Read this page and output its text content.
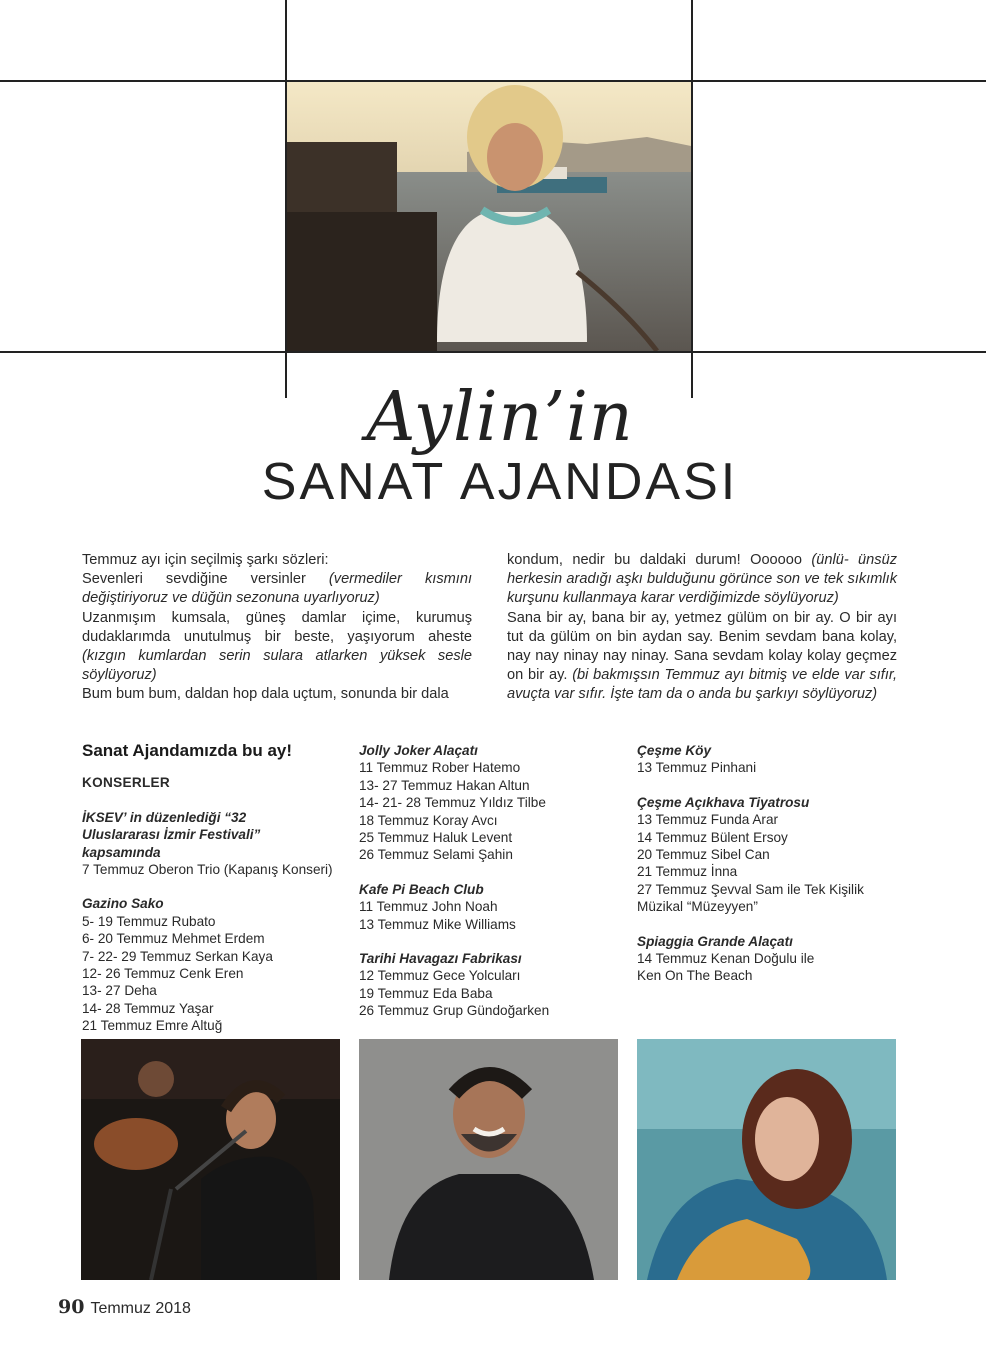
Aylin’in
SANAT AJANDASI

Temmuz ayı için seçilmiş şarkı sözleri:

Sevenleri sevdiğine versinler (vermediler kısmını değiştiriyoruz ve düğün sezonuna uyarlıyoruz)

Uzanmışım kumsala, güneş damlar içime, kurumuş dudaklarımda unutulmuş bir beste, yaşıyorum aheste (kızgın kumlardan serin sulara atlarken yüksek sesle söylüyoruz)

Bum bum bum, daldan hop dala uçtum, sonunda bir dala

kondum, nedir bu daldaki durum! Oooooo (ünlü- ünsüz herkesin aradığı aşkı bulduğunu görünce son ve tek sıkımlık kurşunu kullanmaya karar verdiğimizde söylüyoruz)

Sana bir ay, bana bir ay, yetmez gülüm on bir ay. O bir ayı tut da gülüm on bin aydan say. Benim sevdam bana kolay, nay nay ninay nay ninay. Sana sevdam kolay kolay geçmez on bir ay. (bi bakmışsın Temmuz ayı bitmiş ve elde var sıfır, avuçta var sıfır. İşte tam da o anda bu şarkıyı söylüyoruz)

Sanat Ajandamızda bu ay!
KONSERLER
İKSEV’ in düzenlediği “32 Uluslararası İzmir Festivali” kapsamında
7 Temmuz Oberon Trio (Kapanış Konseri)
Gazino Sako
5- 19 Temmuz Rubato
6- 20 Temmuz Mehmet Erdem
7- 22- 29 Temmuz Serkan Kaya
12- 26 Temmuz Cenk Eren
13- 27 Deha
14- 28 Temmuz Yaşar
21 Temmuz Emre Altuğ
Jolly Joker Alaçatı
11 Temmuz Rober Hatemo
13- 27 Temmuz Hakan Altun
14- 21- 28 Temmuz Yıldız Tilbe
18 Temmuz Koray Avcı
25 Temmuz Haluk Levent
26 Temmuz Selami Şahin
Kafe Pi Beach Club
11 Temmuz John Noah
13 Temmuz Mike Williams
Tarihi Havagazı Fabrikası
12 Temmuz Gece Yolcuları
19 Temmuz Eda Baba
26 Temmuz Grup Gündoğarken
Çeşme Köy
13 Temmuz Pinhani
Çeşme Açıkhava Tiyatrosu
13 Temmuz Funda Arar
14 Temmuz Bülent Ersoy
20 Temmuz Sibel Can
21 Temmuz İnna
27 Temmuz Şevval Sam ile Tek Kişilik Müzikal “Müzeyyen”
Spiaggia Grande Alaçatı
14 Temmuz Kenan Doğulu ile Ken On The Beach
90 Temmuz 2018
